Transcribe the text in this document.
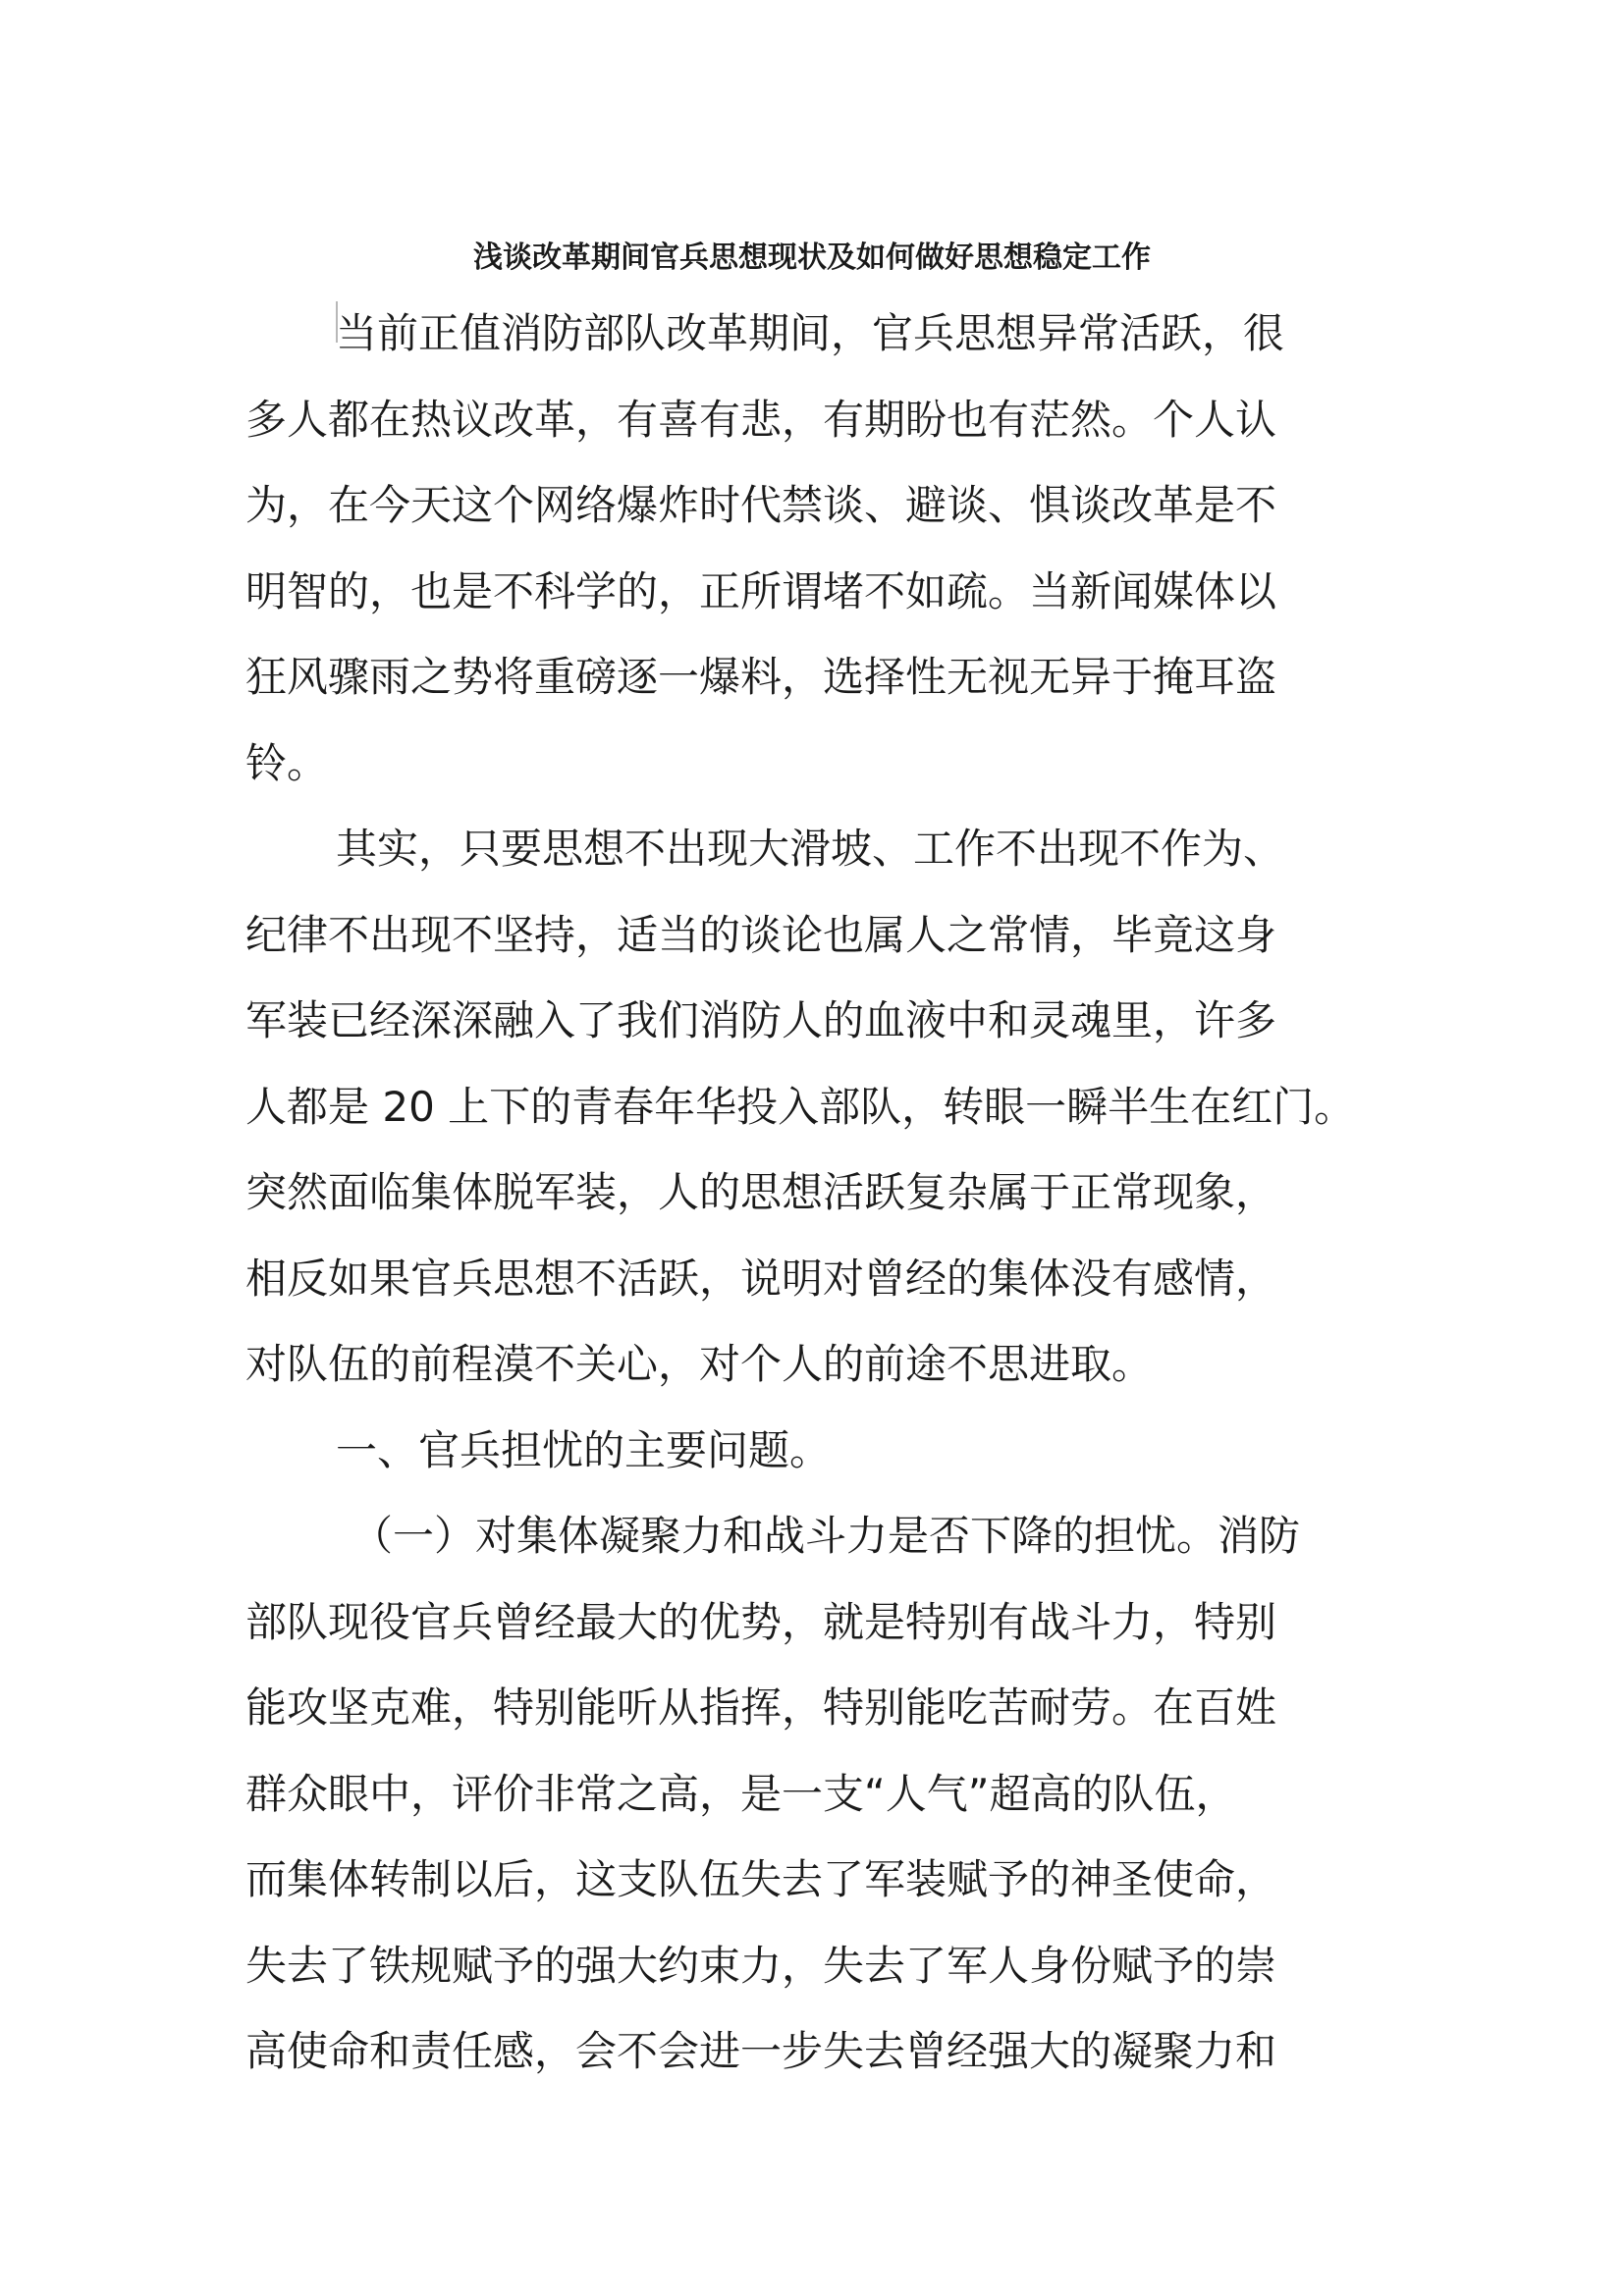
浅谈改革期间官兵思想现状及如何做好思想稳定工作
当前正值消防部队改革期间，官兵思想异常活跃，很
多人都在热议改革，有喜有悲，有期盼也有茫然。个人认
为，在今天这个网络爆炸时代禁谈、避谈、惧谈改革是不
明智的，也是不科学的，正所谓堵不如疏。当新闻媒体以
狂风骤雨之势将重磅逐一爆料，选择性无视无异于掩耳盗
铃。
其实，只要思想不出现大滑坡、工作不出现不作为、
纪律不出现不坚持，适当的谈论也属人之常情，毕竟这身
军装已经深深融入了我们消防人的血液中和灵魂里，许多
人都是 20 上下的青春年华投入部队，转眼一瞬半生在红门。
突然面临集体脱军装，人的思想活跃复杂属于正常现象，
相反如果官兵思想不活跃，说明对曾经的集体没有感情，
对队伍的前程漠不关心，对个人的前途不思进取。
一、官兵担忧的主要问题。
（一）对集体凝聚力和战斗力是否下降的担忧。消防
部队现役官兵曾经最大的优势，就是特别有战斗力，特别
能攻坚克难，特别能听从指挥，特别能吃苦耐劳。在百姓
群众眼中，评价非常之高，是一支“人气”超高的队伍，
而集体转制以后，这支队伍失去了军装赋予的神圣使命，
失去了铁规赋予的强大约束力，失去了军人身份赋予的崇
高使命和责任感，会不会进一步失去曾经强大的凝聚力和
